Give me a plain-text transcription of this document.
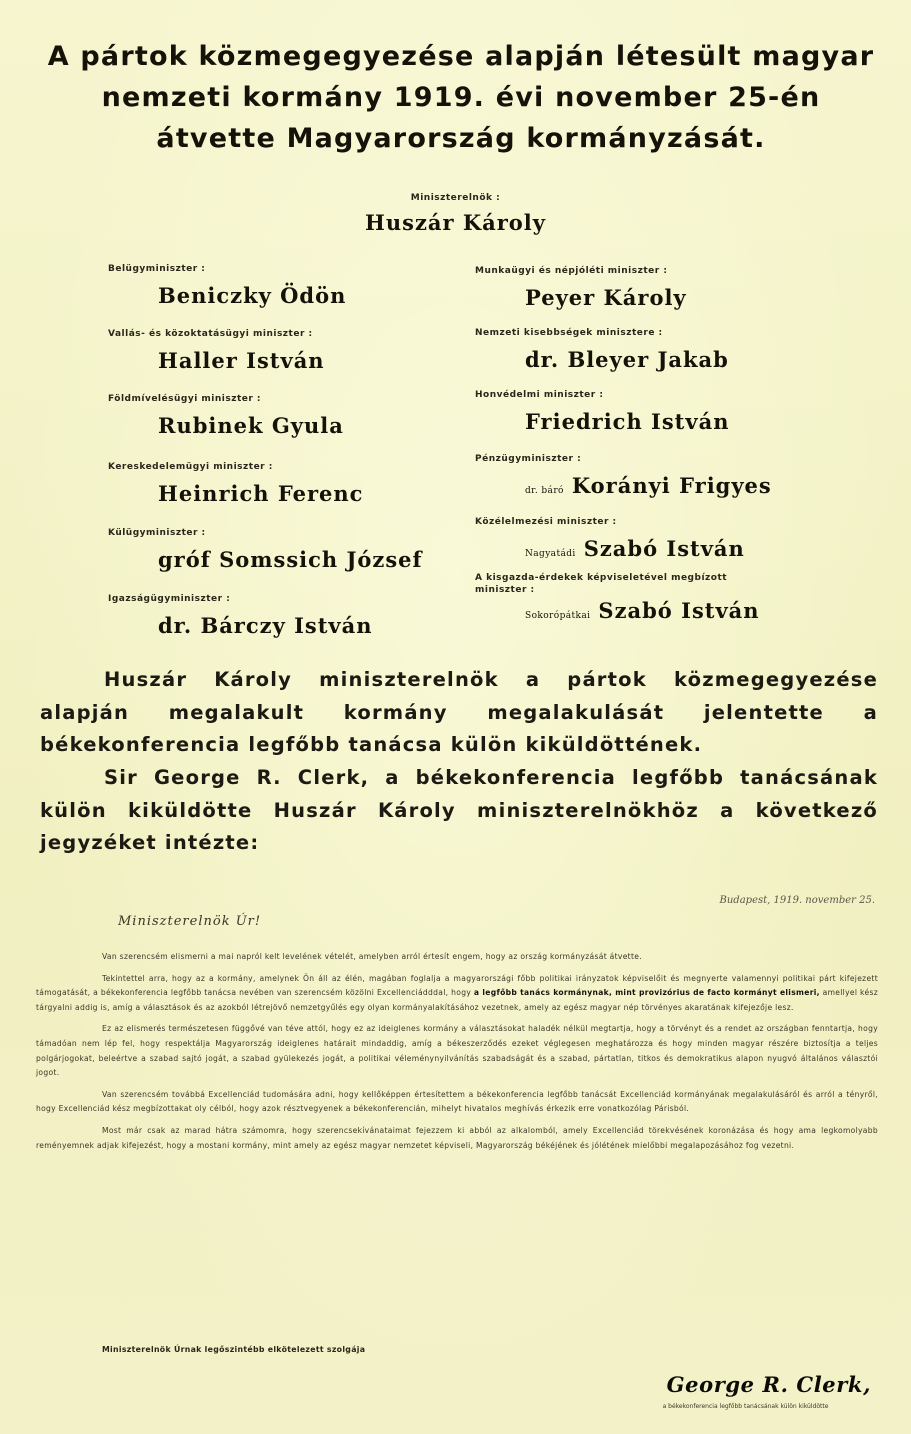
A pártok közmegegyezése alapján létesült magyar nemzeti kormány 1919. évi november 25-én átvette Magyarország kormányzását.
Miniszterelnök :
Huszár Károly
Belügyminiszter :
Beniczky Ödön
Vallás- és közoktatásügyi miniszter :
Haller István
Földmívelésügyi miniszter :
Rubinek Gyula
Kereskedelemügyi miniszter :
Heinrich Ferenc
Külügyminiszter :
gróf Somssich József
Igazságügyminiszter :
dr. Bárczy István
Munkaügyi és népjóléti miniszter :
Peyer Károly
Nemzeti kisebbségek minisztere :
dr. Bleyer Jakab
Honvédelmi miniszter :
Friedrich István
Pénzügyminiszter :
dr. báró Korányi Frigyes
Közélelmezési miniszter :
Nagyatádi Szabó István
A kisgazda-érdekek képviseletével megbízott miniszter :
Sokorópátkai Szabó István
Huszár Károly miniszterelnök a pártok közmegegyezése alapján megalakult kormány megalakulását jelentette a békekonferencia legfőbb tanácsa külön kiküldöttének.
Sir George R. Clerk, a békekonferencia legfőbb tanácsának külön kiküldötte Huszár Károly miniszterelnökhöz a következő jegyzéket intézte:
Budapest, 1919. november 25.
Miniszterelnök Úr!

Van szerencsém elismerni a mai napról kelt levelének vételét, amelyben arról értesít engem, hogy az ország kormányzását átvette.

Tekintettel arra, hogy az a kormány, amelynek Ön áll az élén, magában foglalja a magyarországi főbb politikai irányzatok képviselőit és megnyerte valamennyi politikai párt kifejezett támogatását, a békekonferencia legfőbb tanácsa nevében van szerencsém közölni Excellenciádddal, hogy a legfőbb tanács kormánynak, mint provizórius de facto kormányt elismeri, amellyel kész tárgyalni addig is, amíg a választások és az azokból létrejövő nemzetgyűlés egy olyan kormányalakításához vezetnek, amely az egész magyar nép törvényes akaratának kifejezője lesz.

Ez az elismerés természetesen függővé van téve attól, hogy ez az ideiglenes kormány a választásokat haladék nélkül megtartja, hogy a törvényt és a rendet az országban fenntartja, hogy támadóan nem lép fel, hogy respektálja Magyarország ideiglenes határait mindaddig, amíg a békeszerződés ezeket véglegesen meghatározza és hogy minden magyar részére biztosítja a teljes polgárjogokat, beleértve a szabad sajtó jogát, a szabad gyülekezés jogát, a politikai véleménynyilvánítás szabadságát és a szabad, pártatlan, titkos és demokratikus alapon nyugvó általános választói jogot.

Van szerencsém továbbá Excellenciád tudomására adni, hogy kellőképpen értesítettem a békekonferencia legfőbb tanácsát Excellenciád kormányának megalakulásáról és arról a tényről, hogy Excellenciád kész megbízottakat oly célból, hogy azok résztvegyenek a békekonferencián, mihelyt hivatalos meghívás érkezik erre vonatkozólag Párisból.

Most már csak az marad hátra számomra, hogy szerencsekívánataimat fejezzem ki abból az alkalomból, amely Excellenciád törekvésének koronázása és hogy ama legkomolyabb reményemnek adjak kifejezést, hogy a mostani kormány, mint amely az egész magyar nemzetet képviseli, Magyarország békéjének és jólétének mielőbbi megalapozásához fog vezetni.

Miniszterelnök Úrnak legőszintébb elkötelezett szolgája
George R. Clerk,
a békekonferencia legfőbb tanácsának külön kiküldötte
